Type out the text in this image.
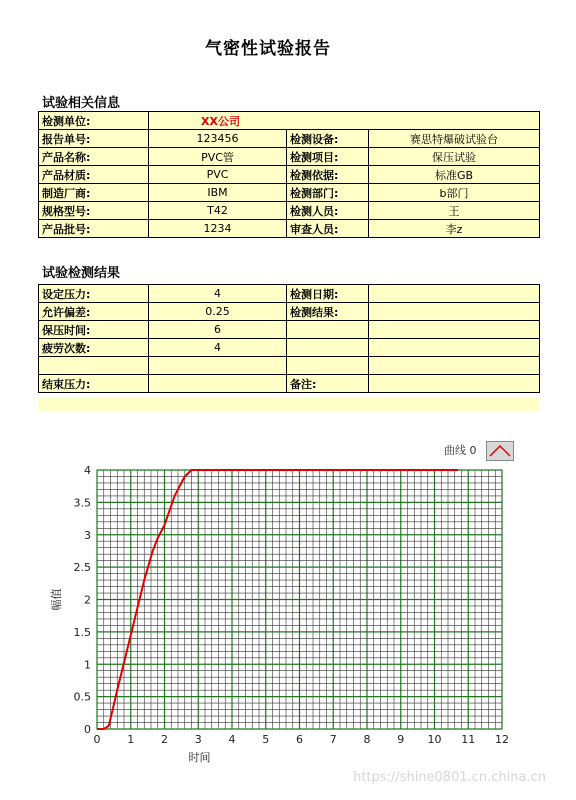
气密性试验报告
试验相关信息
检测单位:	XX公司		
报告单号:	123456	检测设备:	赛思特爆破试验台
产品名称:	PVC管	检测项目:	保压试验
产品材质:	PVC	检测依据:	标准GB
制造厂商:	IBM	检测部门:	b部门
规格型号:	T42	检测人员:	王
产品批号:	1234	审查人员:	李z
试验检测结果
设定压力:	4	检测日期:	
允许偏差:	0.25	检测结果:	
保压时间:	6		
疲劳次数:	4		

结束压力:		备注:	
曲线 0
0 1 2 3 4 5 6 7 8 9 10 11 12
0
0.5
1
1.5
2
2.5
3
3.5
4
时间
幅值
https://shine0801.cn.china.cn
